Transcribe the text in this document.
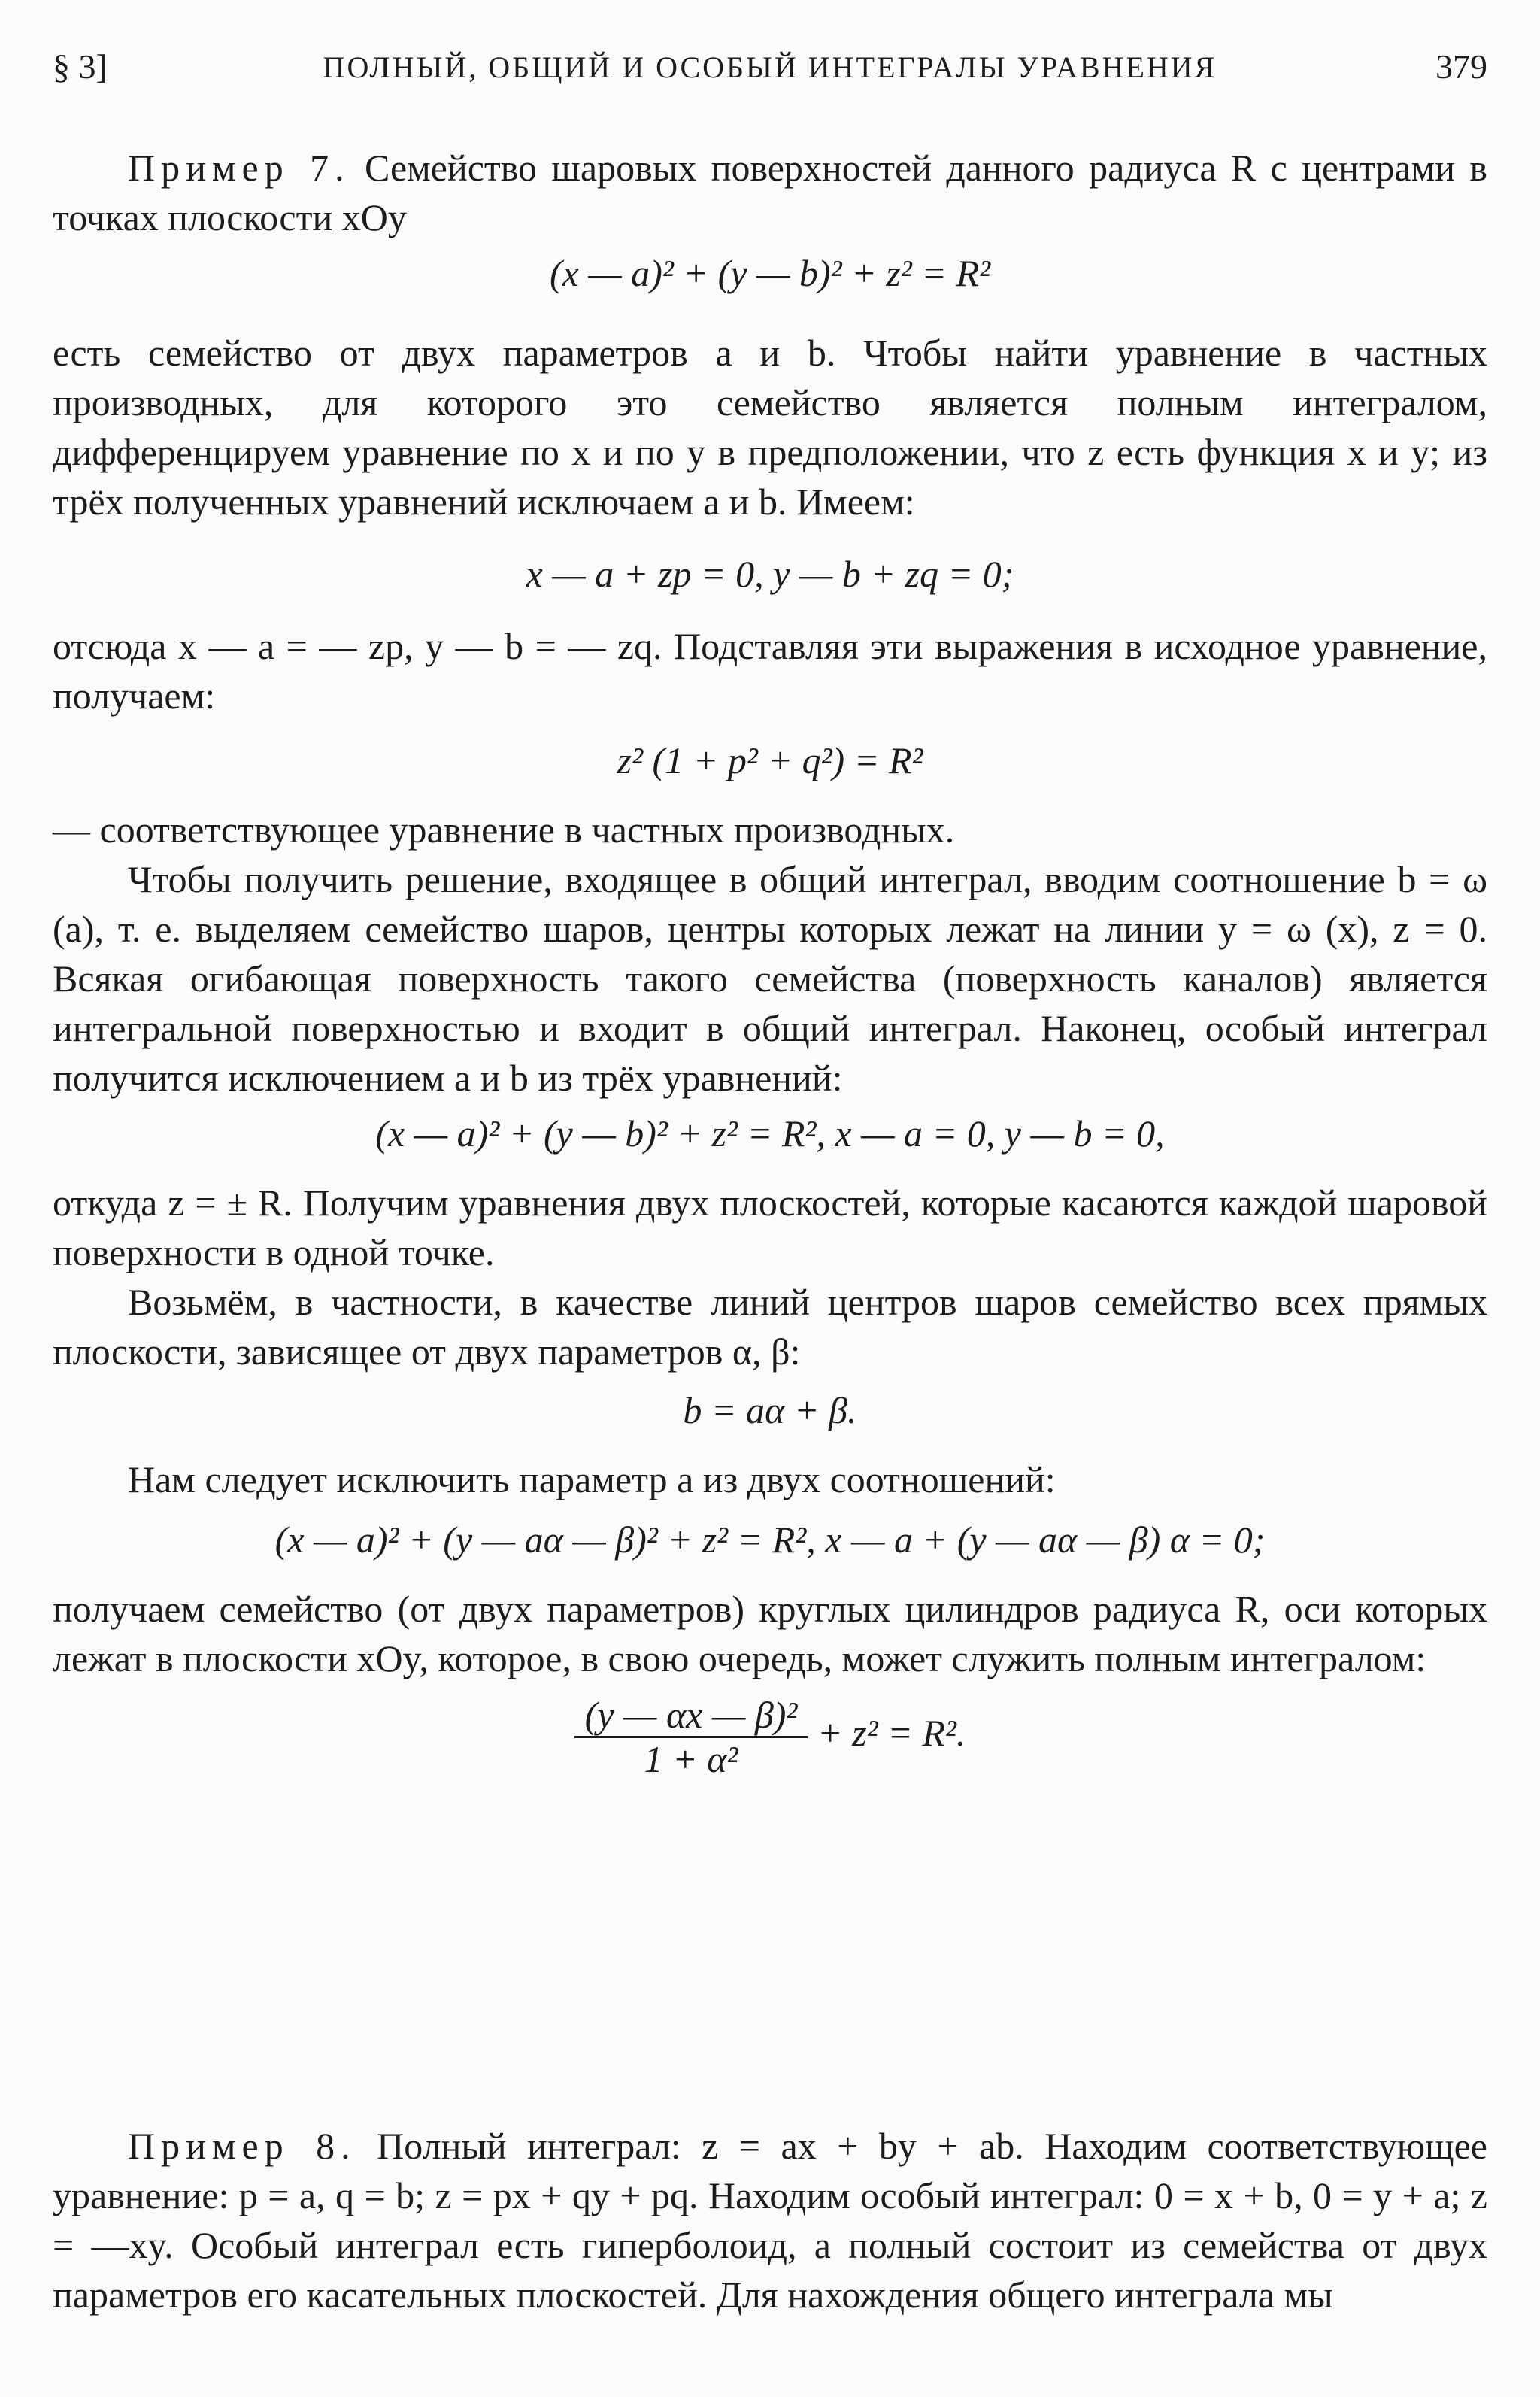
§ 3]	ПОЛНЫЙ, ОБЩИЙ И ОСОБЫЙ ИНТЕГРАЛЫ УРАВНЕНИЯ	379

Пример 7. Семейство шаровых поверхностей данного радиуса R с центрами в точках плоскости xOy

(x — a)² + (y — b)² + z² = R²

есть семейство от двух параметров a и b. Чтобы найти уравнение в частных производных, для которого это семейство является полным интегралом, дифференцируем уравнение по x и по y в предположении, что z есть функция x и y; из трёх полученных уравнений исключаем a и b. Имеем:

x — a + zp = 0, y — b + zq = 0;

отсюда x — a = — zp, y — b = — zq. Подставляя эти выражения в исходное уравнение, получаем:

z² (1 + p² + q²) = R²

— соответствующее уравнение в частных производных.

Чтобы получить решение, входящее в общий интеграл, вводим соотношение b = ω (a), т. е. выделяем семейство шаров, центры которых лежат на линии y = ω (x), z = 0. Всякая огибающая поверхность такого семейства (поверхность каналов) является интегральной поверхностью и входит в общий интеграл. Наконец, особый интеграл получится исключением a и b из трёх уравнений:

(x — a)² + (y — b)² + z² = R², x — a = 0, y — b = 0,

откуда z = ± R. Получим уравнения двух плоскостей, которые касаются каждой шаровой поверхности в одной точке.

Возьмём, в частности, в качестве линий центров шаров семейство всех прямых плоскости, зависящее от двух параметров α, β:

b = aα + β.

Нам следует исключить параметр a из двух соотношений:

(x — a)² + (y — aα — β)² + z² = R², x — a + (y — aα — β) α = 0;

получаем семейство (от двух параметров) круглых цилиндров радиуса R, оси которых лежат в плоскости xOy, которое, в свою очередь, может служить полным интегралом:

$\frac{\text{(y — αx — β)²}}{\text{1 + α²}} + z^2 = R^2$.

Пример 8. Полный интеграл: z = ax + by + ab. Находим соответствующее уравнение: p = a, q = b; z = px + qy + pq. Находим особый интеграл: 0 = x + b, 0 = y + a; z = —xy. Особый интеграл есть гиперболоид, а полный состоит из семейства от двух параметров его касательных плоскостей. Для нахождения общего интеграла мы
